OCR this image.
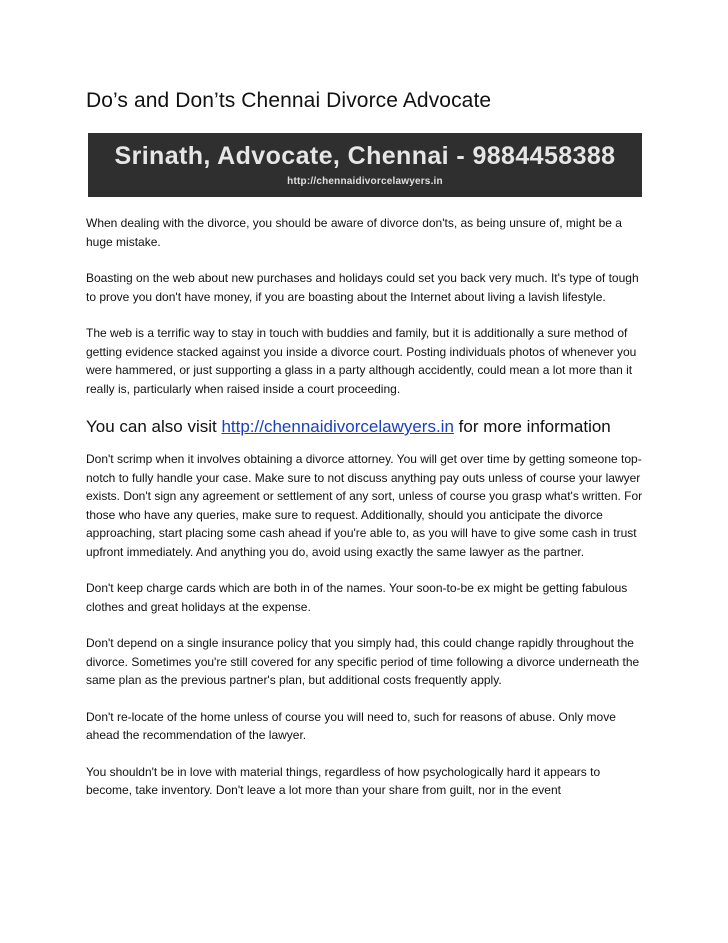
Do’s and Don’ts Chennai Divorce Advocate
Srinath, Advocate, Chennai - 9884458388
http://chennaidivorcelawyers.in

When dealing with the divorce, you should be aware of divorce don'ts, as being unsure of, might be a huge mistake.

Boasting on the web about new purchases and holidays could set you back very much. It's type of tough to prove you don't have money, if you are boasting about the Internet about living a lavish lifestyle.

The web is a terrific way to stay in touch with buddies and family, but it is additionally a sure method of getting evidence stacked against you inside a divorce court. Posting individuals photos of whenever you were hammered, or just supporting a glass in a party although accidently, could mean a lot more than it really is, particularly when raised inside a court proceeding.

You can also visit http://chennaidivorcelawyers.in for more information

Don't scrimp when it involves obtaining a divorce attorney. You will get over time by getting someone top-notch to fully handle your case. Make sure to not discuss anything pay outs unless of course your lawyer exists. Don't sign any agreement or settlement of any sort, unless of course you grasp what's written. For those who have any queries, make sure to request. Additionally, should you anticipate the divorce approaching, start placing some cash ahead if you're able to, as you will have to give some cash in trust upfront immediately. And anything you do, avoid using exactly the same lawyer as the partner.

Don't keep charge cards which are both in of the names. Your soon-to-be ex might be getting fabulous clothes and great holidays at the expense.

Don't depend on a single insurance policy that you simply had, this could change rapidly throughout the divorce. Sometimes you're still covered for any specific period of time following a divorce underneath the same plan as the previous partner's plan, but additional costs frequently apply.

Don't re-locate of the home unless of course you will need to, such for reasons of abuse. Only move ahead the recommendation of the lawyer.

You shouldn't be in love with material things, regardless of how psychologically hard it appears to become, take inventory. Don't leave a lot more than your share from guilt, nor in the event
